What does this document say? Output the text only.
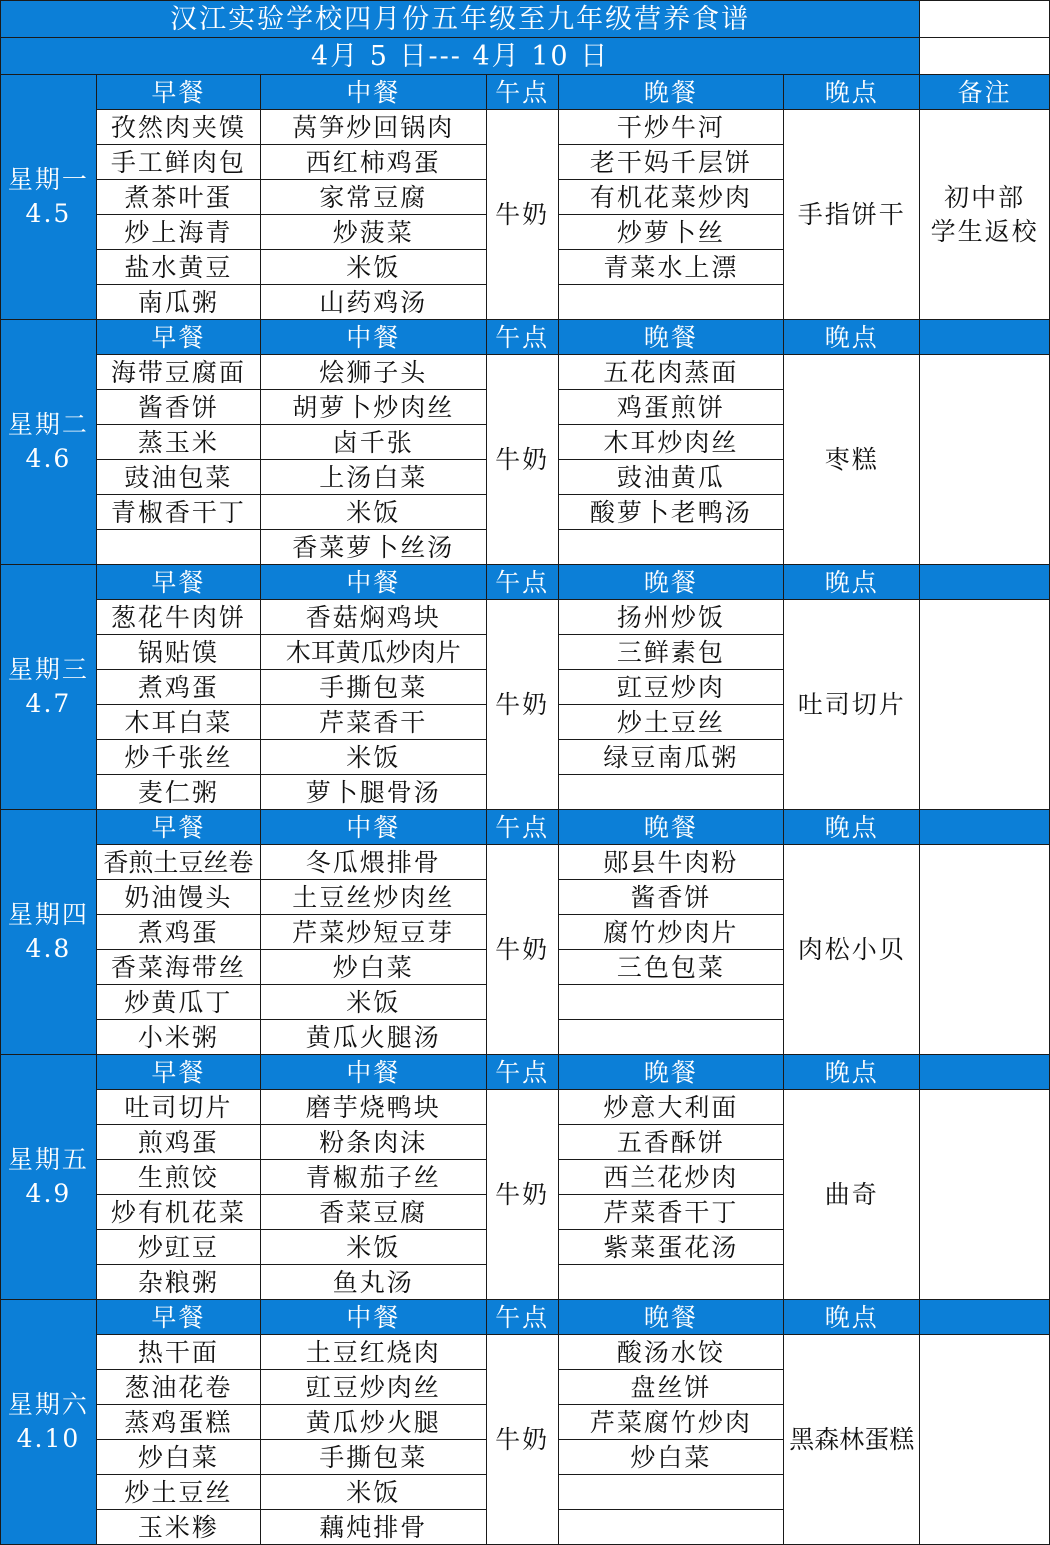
汉江实验学校四月份五年级至九年级营养食谱						
4月 5 日--- 4月 10 日						

星期一
4.5	早餐	中餐	午点	晚餐	晚点	备注
	孜然肉夹馍	莴笋炒回锅肉	牛奶	干炒牛河	手指饼干	初中部
学生返校

	手工鲜肉包	西红柿鸡蛋		老干妈千层饼		
	煮茶叶蛋	家常豆腐		有机花菜炒肉		
	炒上海青	炒菠菜		炒萝卜丝		
	盐水黄豆	米饭		青菜水上漂		
	南瓜粥	山药鸡汤				

星期二
4.6	早餐	中餐	午点	晚餐	晚点	
	海带豆腐面	烩狮子头	牛奶	五花肉蒸面	枣糕	
	酱香饼	胡萝卜炒肉丝		鸡蛋煎饼		
	蒸玉米	卤千张		木耳炒肉丝		
	豉油包菜	上汤白菜		豉油黄瓜		
	青椒香干丁	米饭		酸萝卜老鸭汤		
		香菜萝卜丝汤				

星期三
4.7	早餐	中餐	午点	晚餐	晚点	
	葱花牛肉饼	香菇焖鸡块	牛奶	扬州炒饭	吐司切片	
	锅贴馍	木耳黄瓜炒肉片		三鲜素包		
	煮鸡蛋	手撕包菜		豇豆炒肉		
	木耳白菜	芹菜香干		炒土豆丝		
	炒千张丝	米饭		绿豆南瓜粥		
	麦仁粥	萝卜腿骨汤				

星期四
4.8	早餐	中餐	午点	晚餐	晚点	
	香煎土豆丝卷	冬瓜煨排骨	牛奶	郧县牛肉粉	肉松小贝	
	奶油馒头	土豆丝炒肉丝		酱香饼		
	煮鸡蛋	芹菜炒短豆芽		腐竹炒肉片		
	香菜海带丝	炒白菜		三色包菜		
	炒黄瓜丁	米饭				
	小米粥	黄瓜火腿汤				

星期五
4.9	早餐	中餐	午点	晚餐	晚点	
	吐司切片	磨芋烧鸭块	牛奶	炒意大利面	曲奇	
	煎鸡蛋	粉条肉沫		五香酥饼		
	生煎饺	青椒茄子丝		西兰花炒肉		
	炒有机花菜	香菜豆腐		芹菜香干丁		
	炒豇豆	米饭		紫菜蛋花汤		
	杂粮粥	鱼丸汤				

星期六
4.10	早餐	中餐	午点	晚餐	晚点	
	热干面	土豆红烧肉	牛奶	酸汤水饺	黑森林蛋糕	
	葱油花卷	豇豆炒肉丝		盘丝饼		
	蒸鸡蛋糕	黄瓜炒火腿		芹菜腐竹炒肉		
	炒白菜	手撕包菜		炒白菜		
	炒土豆丝	米饭				
	玉米糁	藕炖排骨				
